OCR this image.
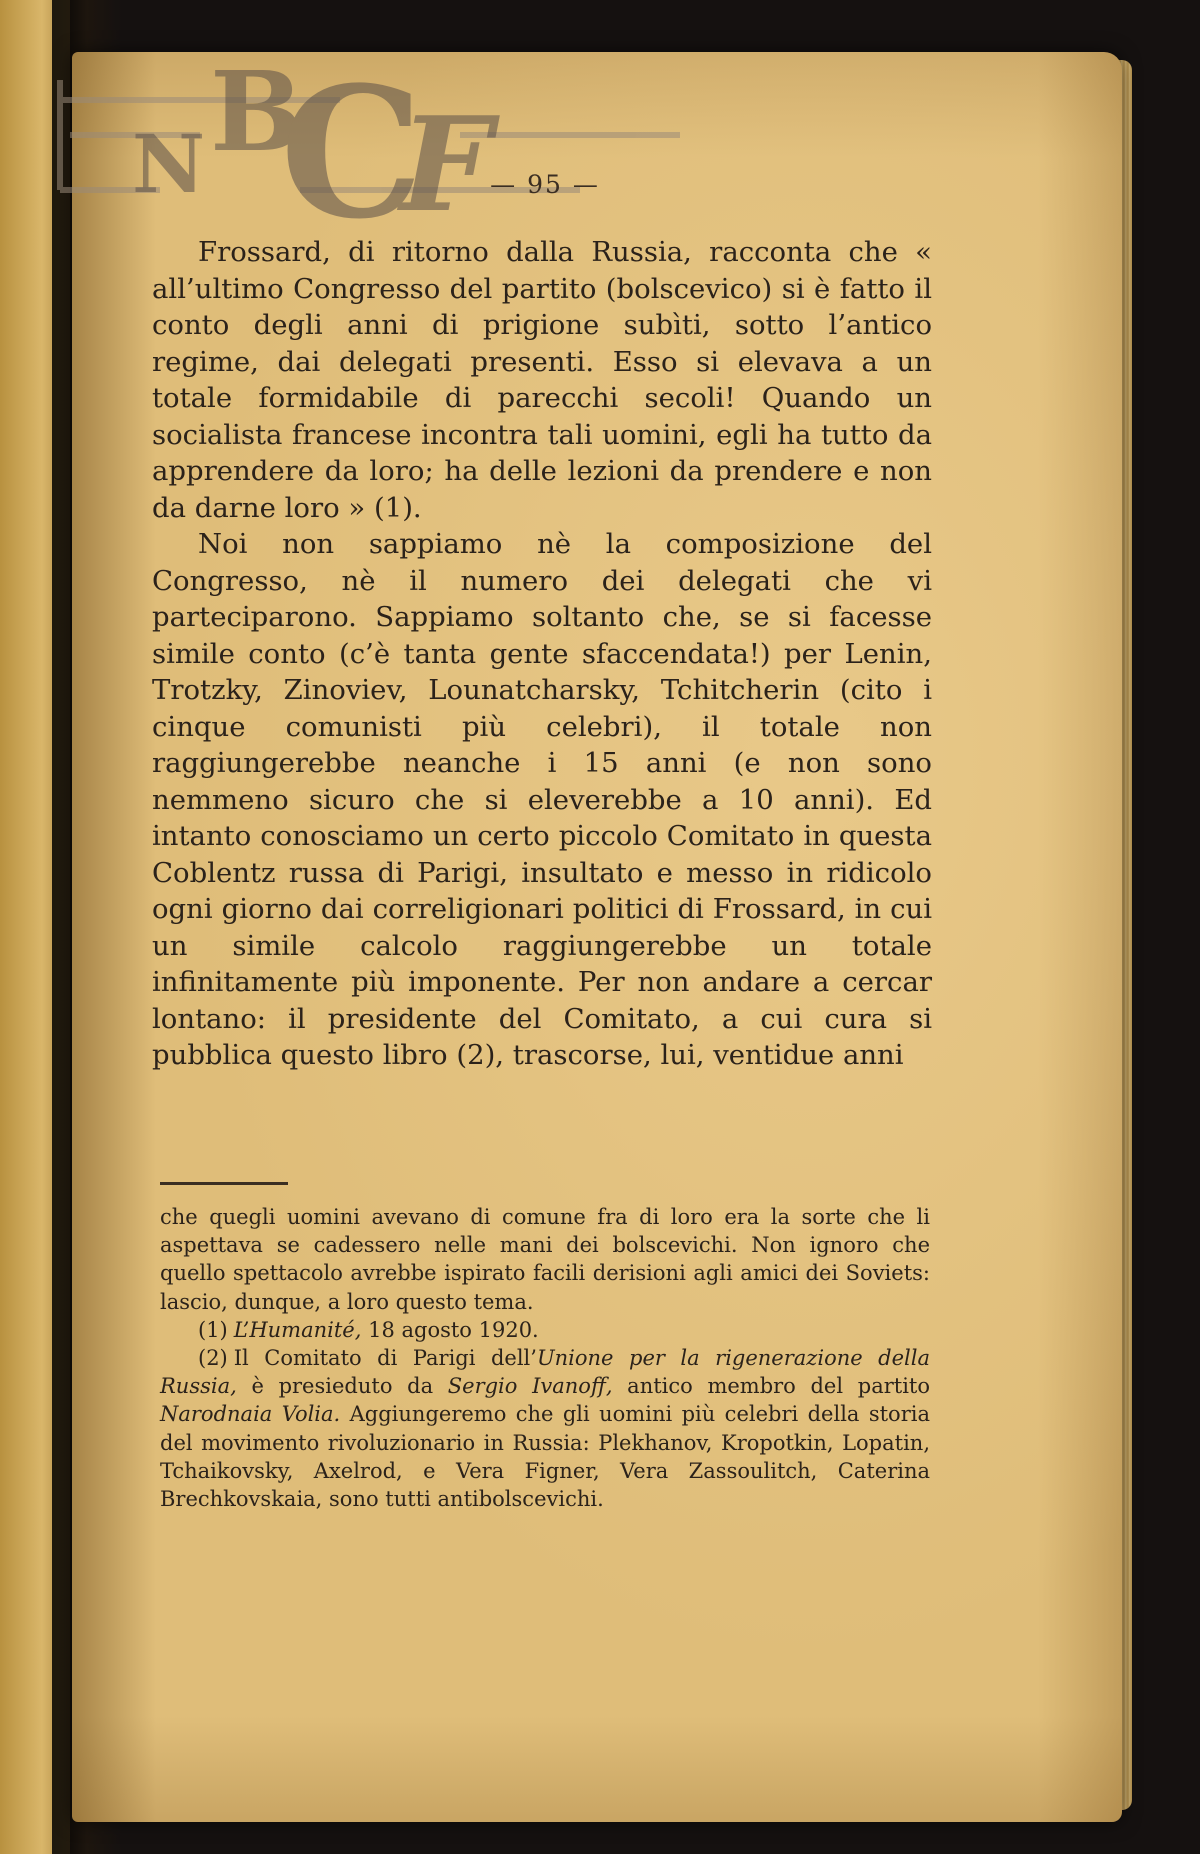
B
N C
F
— 95 —

Frossard, di ritorno dalla Russia, racconta che « all’ultimo Congresso del partito (bolscevico) si è fatto il conto degli anni di prigione subìti, sotto l’antico regime, dai delegati presenti. Esso si elevava a un totale formidabile di parecchi secoli! Quando un socialista francese incontra tali uomini, egli ha tutto da apprendere da loro; ha delle lezioni da prendere e non da darne loro » (1).

Noi non sappiamo nè la composizione del Congresso, nè il numero dei delegati che vi parteciparono. Sappiamo soltanto che, se si facesse simile conto (c’è tanta gente sfaccendata!) per Lenin, Trotzky, Zinoviev, Lounatcharsky, Tchitcherin (cito i cinque comunisti più celebri), il totale non raggiungerebbe neanche i 15 anni (e non sono nemmeno sicuro che si eleverebbe a 10 anni). Ed intanto conosciamo un certo piccolo Comitato in questa Coblentz russa di Parigi, insultato e messo in ridicolo ogni giorno dai correligionari politici di Frossard, in cui un simile calcolo raggiungerebbe un totale infinitamente più imponente. Per non andare a cercar lontano: il presidente del Comitato, a cui cura si pubblica questo libro (2), trascorse, lui, ventidue anni

che quegli uomini avevano di comune fra di loro era la sorte che li aspettava se cadessero nelle mani dei bolscevichi. Non ignoro che quello spettacolo avrebbe ispirato facili derisioni agli amici dei Soviets: lascio, dunque, a loro questo tema.

(1) L’Humanité, 18 agosto 1920.

(2) Il Comitato di Parigi dell’Unione per la rigenerazione della Russia, è presieduto da Sergio Ivanoff, antico membro del partito Narodnaia Volia. Aggiungeremo che gli uomini più celebri della storia del movimento rivoluzionario in Russia: Plekhanov, Kropotkin, Lopatin, Tchaikovsky, Axelrod, e Vera Figner, Vera Zassoulitch, Caterina Brechkovskaia, sono tutti antibolscevichi.
